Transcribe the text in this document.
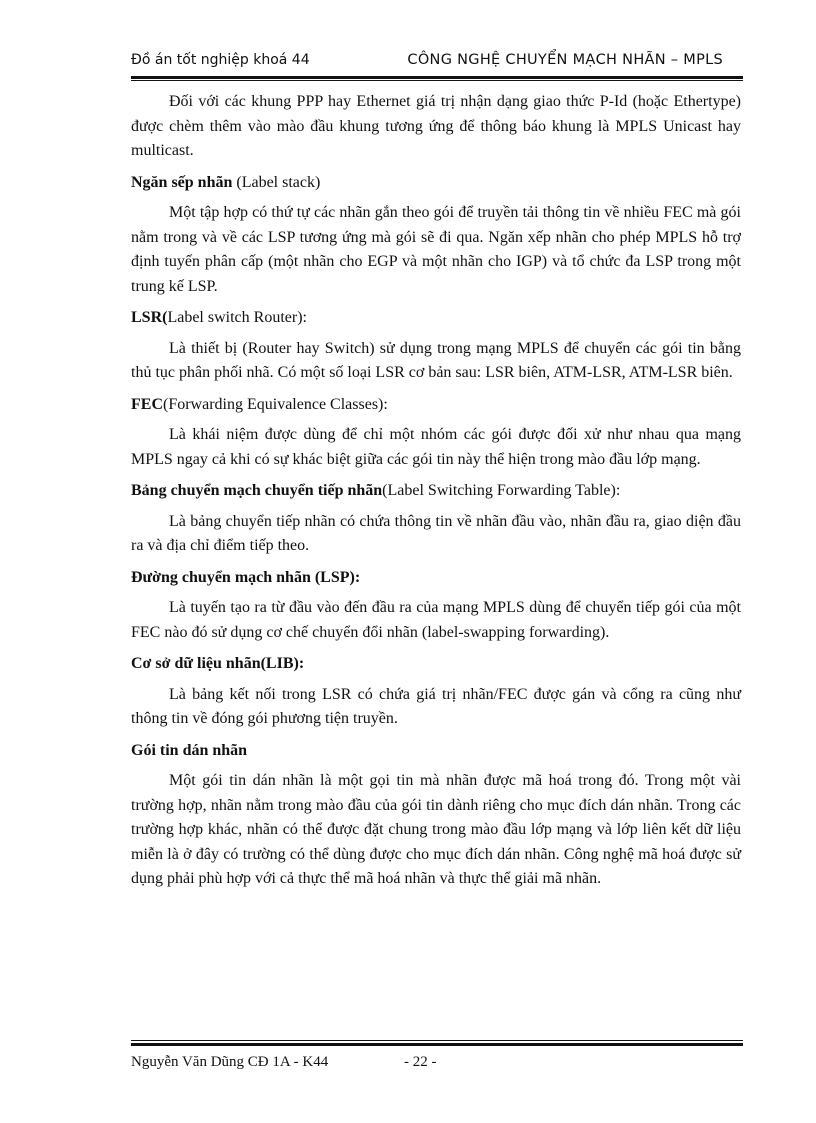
Đồ án tốt nghiệp khoá 44	CÔNG NGHỆ CHUYỂN MẠCH NHÃN – MPLS

Đối với các khung PPP hay Ethernet giá trị nhận dạng giao thức P-Id (hoặc Ethertype) được chèm thêm vào mào đầu khung tương ứng để thông báo khung là MPLS Unicast hay multicast.

Ngăn sếp nhãn (Label stack)

Một tập hợp có thứ tự các nhãn gắn theo gói để truyền tải thông tin về nhiều FEC mà gói nằm trong và về các LSP tương ứng mà gói sẽ đi qua. Ngăn xếp nhãn cho phép MPLS hỗ trợ định tuyến phân cấp (một nhãn cho EGP và một nhãn cho IGP) và tổ chức đa LSP trong một trung kế LSP.

LSR(Label switch Router):

Là thiết bị (Router hay Switch) sử dụng trong mạng MPLS để chuyển các gói tin bằng thủ tục phân phối nhã. Có một số loại LSR cơ bản sau: LSR biên, ATM-LSR, ATM-LSR biên.

FEC(Forwarding Equivalence Classes):

Là khái niệm được dùng để chỉ một nhóm các gói được đối xử như nhau qua mạng MPLS ngay cả khi có sự khác biệt giữa các gói tin này thể hiện trong mào đầu lớp mạng.

Bảng chuyển mạch chuyển tiếp nhãn(Label Switching Forwarding Table):

Là bảng chuyển tiếp nhãn có chứa thông tin về nhãn đầu vào, nhãn đầu ra, giao diện đầu ra và địa chỉ điểm tiếp theo.

Đường chuyển mạch nhãn (LSP):

Là tuyến tạo ra từ đầu vào đến đầu ra của mạng MPLS dùng để chuyển tiếp gói của một FEC nào đó sử dụng cơ chế chuyển đổi nhãn (label-swapping forwarding).

Cơ sở dữ liệu nhãn(LIB):

Là bảng kết nối trong LSR có chứa giá trị nhãn/FEC được gán và cổng ra cũng như thông tin về đóng gói phương tiện truyền.

Gói tin dán nhãn

Một gói tin dán nhãn là một gọi tin mà nhãn được mã hoá trong đó. Trong một vài trường hợp, nhãn nằm trong mào đầu của gói tin dành riêng cho mục đích dán nhãn. Trong các trường hợp khác, nhãn có thể được đặt chung trong mào đầu lớp mạng và lớp liên kết dữ liệu miễn là ở đây có trường có thể dùng được cho mục đích dán nhãn. Công nghệ mã hoá được sử dụng phải phù hợp với cả thực thể mã hoá nhãn và thực thể giải mã nhãn.

Nguyễn Văn Dũng CĐ 1A - K44	- 22 -
